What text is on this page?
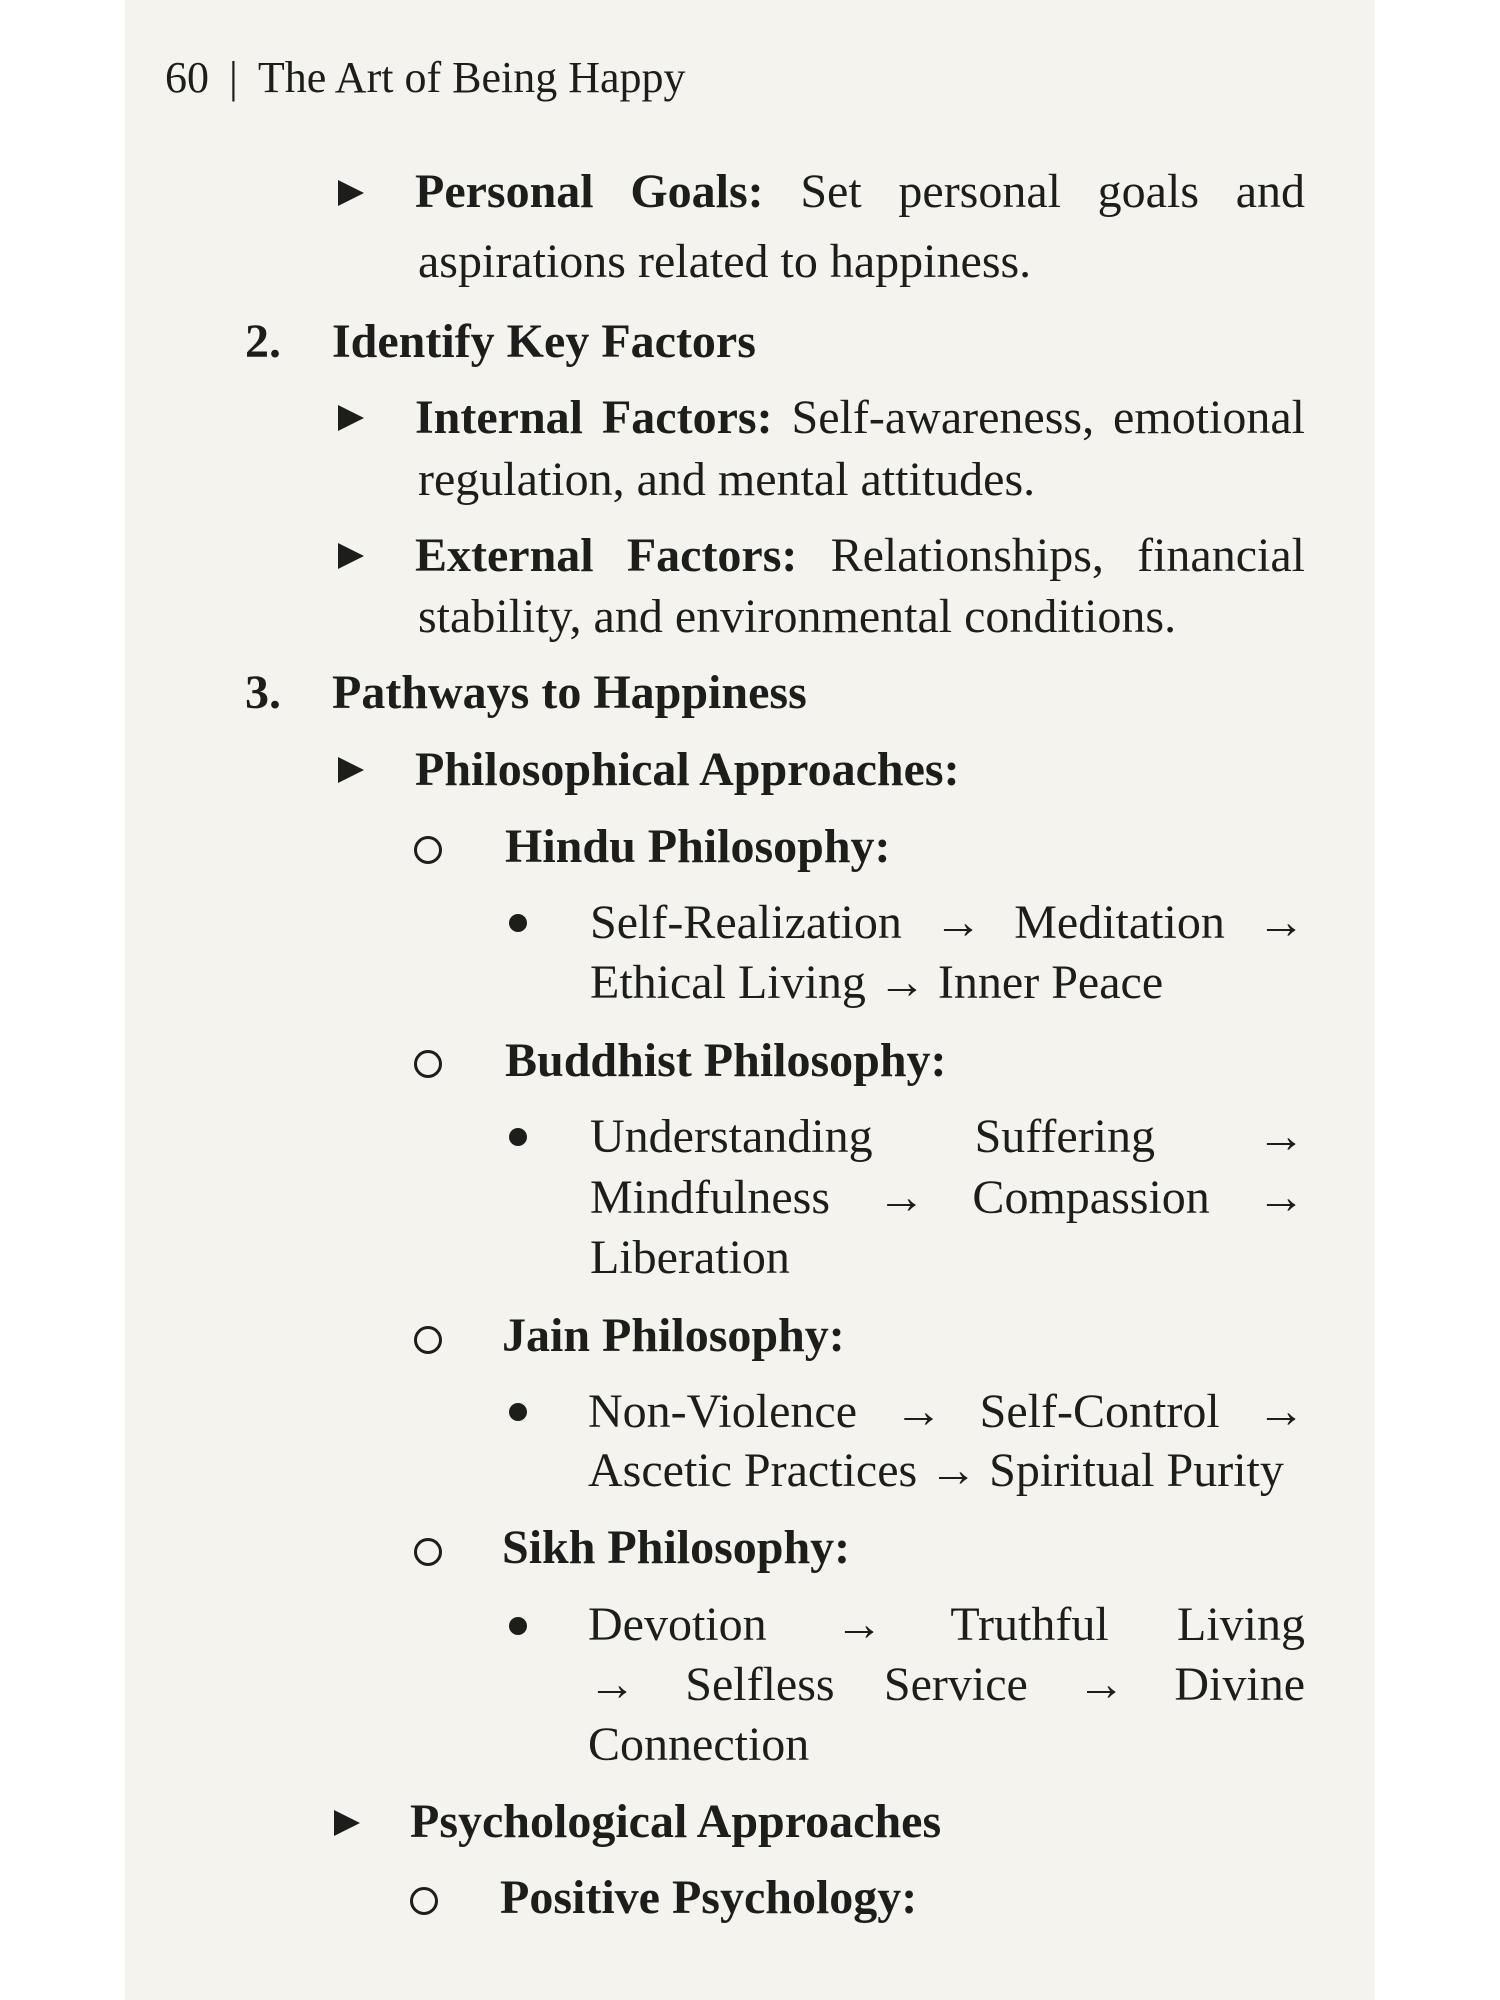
60 | The Art of Being Happy
Personal Goals: Set personal goals and
aspirations related to happiness.
2. Identify Key Factors
Internal Factors: Self-awareness, emotional
regulation, and mental attitudes.
External Factors: Relationships, financial
stability, and environmental conditions.
3. Pathways to Happiness
Philosophical Approaches:
Hindu Philosophy:
Self-Realization → Meditation →
Ethical Living → Inner Peace
Buddhist Philosophy:
Understanding Suffering →
Mindfulness → Compassion →
Liberation
Jain Philosophy:
Non-Violence → Self-Control →
Ascetic Practices → Spiritual Purity
Sikh Philosophy:
Devotion → Truthful Living
→ Selfless Service → Divine
Connection
Psychological Approaches
Positive Psychology:
